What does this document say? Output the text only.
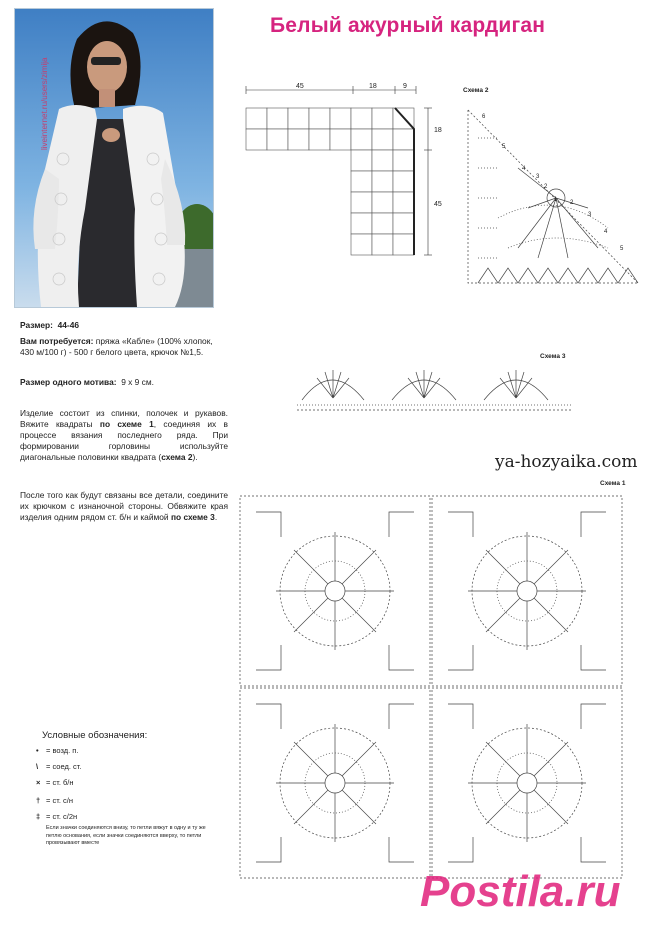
Белый ажурный кардиган
liveinternet.ru/users/zimija
Размер: 44-46
Вам потребуется: пряжа «Кабле» (100% хлопок, 430 м/100 г) - 500 г белого цвета, крючок №1,5.
Размер одного мотива: 9 x 9 см.
Изделие состоит из спинки, полочек и рукавов. Вяжите квадраты по схеме 1, соединяя их в процессе вязания последнего ряда. При формировании горловины используйте диагональные половинки квадрата (схема 2).
После того как будут связаны все детали, соедините их крючком с изнаночной стороны. Обвяжите края изделия одним рядом ст. б/н и каймой по схеме 3.
45	18	9
18
45
Схема 2
6
5
4
3
2
1 2
3
4
5
Схема 3
ya-hozyaika.com
Схема 1
Условные обозначения:
• = возд. п.
\ = соед. ст.
× = ст. б/н
† = ст. с/н
‡ = ст. с/2н
Если значки соединяются внизу, то петли вяжут в одну и ту же петлю основания, если значки соединяются вверху, то петли провязывают вместе
Postila.ru
